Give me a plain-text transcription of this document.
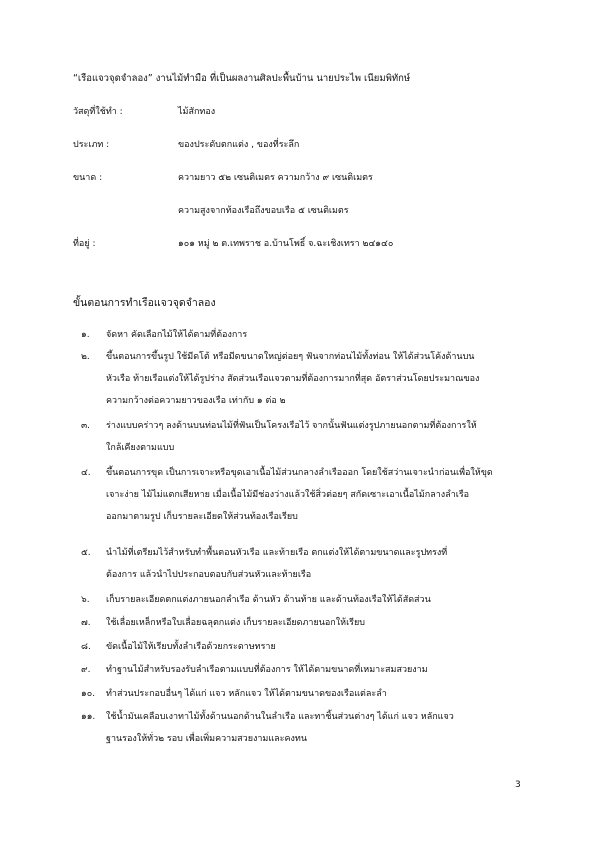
“เรือแจวจุดจำลอง” งานไม้ทำมือ ที่เป็นผลงานศิลปะพื้นบ้าน นายประไพ เนียมพิทักษ์
วัสดุที่ใช้ทำ :	ไม้สักทอง
ประเภท :	ของประดับตกแต่ง , ของที่ระลึก
ขนาด :	ความยาว ๕๒ เซนติเมตร ความกว้าง ๙ เซนติเมตร
ความสูงจากท้องเรือถึงขอบเรือ ๕ เซนติเมตร
ที่อยู่ :	๑๐๑ หมู่ ๒ ต.เทพราช อ.บ้านโพธิ์ จ.ฉะเชิงเทรา ๒๔๑๔๐
ขั้นตอนการทำเรือแจวจุดจำลอง
๑. จัดหา คัดเลือกไม้ให้ได้ตามที่ต้องการ
๒. ขึ้นตอนการขึ้นรูป ใช้มีดโต้ หรือมีดขนาดใหญ่ต่อยๆ ฟันจากท่อนไม้ทั้งท่อน ให้ได้ส่วนโค้งด้านบน
หัวเรือ ท้ายเรือแต่งให้ได้รูปร่าง สัดส่วนเรือแจวตามที่ต้องการมากที่สุด อัตราส่วนโดยประมาณของ
ความกว้างต่อความยาวของเรือ เท่ากับ ๑ ต่อ ๒
๓. ร่างแบบคร่าวๆ ลงด้านบนท่อนไม้ที่ฟันเป็นโครงเรือไว้ จากนั้นฟันแต่งรูปภายนอกตามที่ต้องการให้
ใกล้เคียงตามแบบ
๔. ขึ้นตอนการขุด เป็นการเจาะหรือขุดเอาเนื้อไม้ส่วนกลางลำเรือออก โดยใช้สว่านเจาะนำก่อนเพื่อให้ขุด
เจาะง่าย ไม้ไม่แตกเสียหาย เมื่อเนื้อไม้มีช่องว่างแล้วใช้สิ่วต่อยๆ สกัดเซาะเอาเนื้อไม้กลางลำเรือ
ออกมาตามรูป เก็บรายละเอียดให้ส่วนท้องเรือเรียบ
๕. นำไม้ที่เตรียมไว้สำหรับทำพื้นตอนหัวเรือ และท้ายเรือ ตกแต่งให้ได้ตามขนาดและรูปทรงที่
ต้องการ แล้วนำไปประกอบตอบกับส่วนหัวและท้ายเรือ
๖. เก็บรายละเอียดตกแต่งภายนอกลำเรือ ด้านหัว ด้านท้าย และด้านท้องเรือให้ได้สัดส่วน
๗. ใช้เลื่อยเหล็กหรือใบเลื่อยฉลุตกแต่ง เก็บรายละเอียดภายนอกให้เรียบ
๘. ขัดเนื้อไม้ให้เรียบทั้งลำเรือด้วยกระดาษทราย
๙. ทำฐานไม้สำหรับรองรับลำเรือตามแบบที่ต้องการ ให้ได้ตามขนาดที่เหมาะสมสวยงาม
๑๐. ทำส่วนประกอบอื่นๆ ได้แก่ แจว หลักแจว ให้ได้ตามขนาดของเรือแต่ละลำ
๑๑. ใช้น้ำมันเคลือบเงาทาไม้ทั้งด้านนอกด้านในลำเรือ และทาชิ้นส่วนต่างๆ ได้แก่ แจว หลักแจว
ฐานรองให้ทั่ว๒ รอบ เพื่อเพิ่มความสวยงามและคงทน
3
